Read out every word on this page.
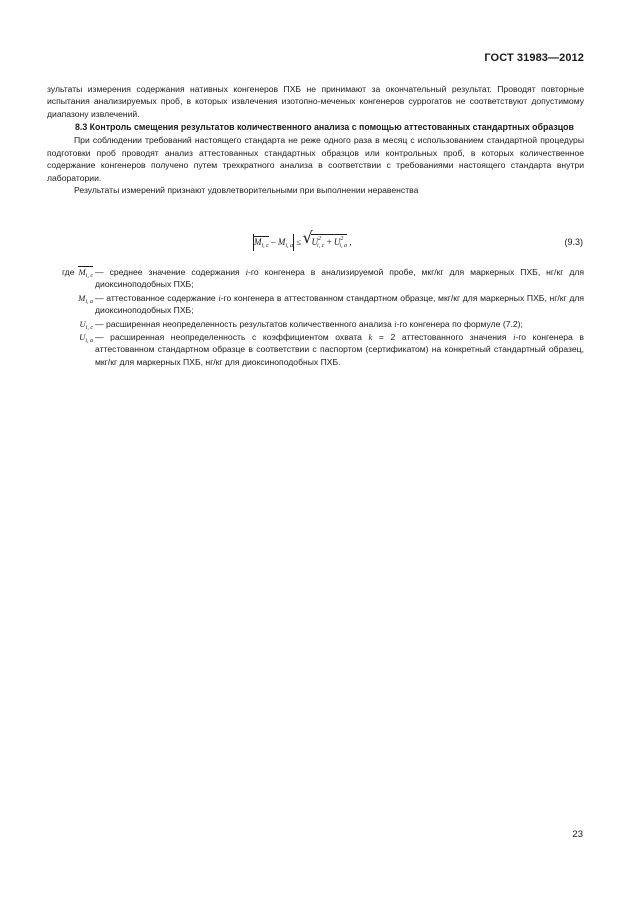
ГОСТ 31983—2012

зультаты измерения содержания нативных конгенеров ПХБ не принимают за окончательный результат. Проводят повторные испытания анализируемых проб, в которых извлечения изотопно-меченых конгенеров суррогатов не соответствуют допустимому диапазону извлечений.

8.3 Контроль смещения результатов количественного анализа с помощью аттестованных стандартных образцов

При соблюдении требований настоящего стандарта не реже одного раза в месяц с использованием стандартной процедуры подготовки проб проводят анализ аттестованных стандартных образцов или контрольных проб, в которых количественное содержание конгенеров получено путем трехкратного анализа в соответствии с требованиями настоящего стандарта внутри лаборатории.

Результаты измерений признают удовлетворительными при выполнении неравенства

$M_{i, c} - M_{i, a}$ ≤ √
$U^2_{i, c} + U^2_{i, a}$ ,	(9.3)
где $M_{i, c}$ — среднее значение содержания i-го конгенера в анализируемой пробе, мкг/кг для маркерных ПХБ, нг/кг для диоксиноподобных ПХБ;
$M_{i, a}$ — аттестованное содержание i-го конгенера в аттестованном стандартном образце, мкг/кг для маркерных ПХБ, нг/кг для диоксиноподобных ПХБ;
$U_{i, c}$ — расширенная неопределенность результатов количественного анализа i-го конгенера по формуле (7.2);
$U_{i, a}$ — расширенная неопределенность с коэффициентом охвата k = 2 аттестованного значения i-го конгенера в аттестованном стандартном образце в соответствии с паспортом (сертификатом) на конкретный стандартный образец, мкг/кг для маркерных ПХБ, нг/кг для диоксиноподобных ПХБ.
23
